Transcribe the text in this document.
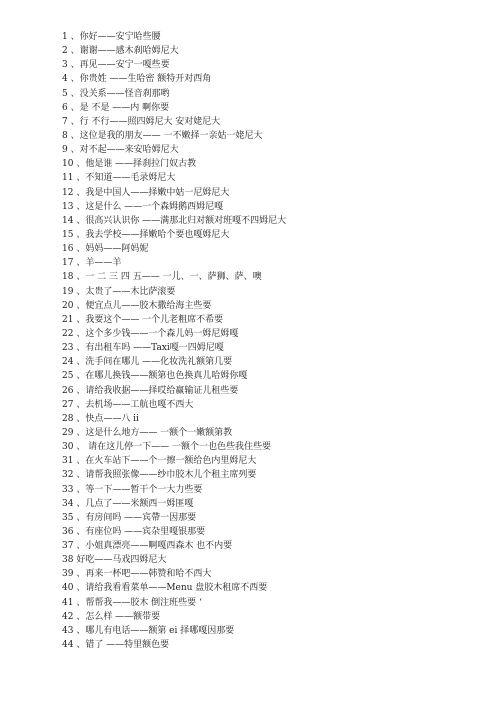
1 、你好——安宁哈些腰
2 、谢谢——感木刹哈姆尼大
3 、再见——安宁一嘎些要
4 、你贵姓 ——生哈密 额特开对西角
5 、没关系——怪音刹那哟
6 、是 不是 ——内 啊你要
7 、行 不行——照四姆尼大 安对姥尼大
8 、这位是我的朋友—— 一不嫩择一亲姑一姥尼大
9 、对不起——来安哈姆尼大
10 、他是谁 ——择刹拉门奴古教
11 、不知道——毛录姆尼大
12 、我是中国人——择嫩中姑一尼姆尼大
13 、这是什么 ——一个森姆鹅西姆尼嘎
14 、很高兴认识你 ——满那北归对额对班嘎不四姆尼大
15 、我去学校——择嫩哈个要也嘎姆尼大
16 、妈妈——阿妈妮
17 、羊——羊
18 、一 二 三 四 五—— 一儿、一、萨狮、萨、噢
19 、太贵了——木比萨滚要
20 、便宜点儿——胶木撒给海主些要
21 、我要这个—— 一个儿老粗席不希要
22 、这个多少钱——一个森儿妈一姆尼姆嘎
23 、有出租车吗 ——Taxi嘎一四姆尼嘎
24 、洗手间在哪儿 ——化妆洗礼额第几要
25 、在哪儿换钱——额第也色换真儿哈姆你嘎
26 、请给我收据——择哎给赢输证儿租些要
27 、去机场——工航也嘎不西大
28 、快点——八 ii
29 、这是什么地方—— 一额个一嫩额第教
30 、 请在这儿停一下—— 一额个一也色些我住些要
31 、在火车站下——个一擦一额给色内里姆尼大
32 、请帮我照张像——纱巾胶木儿个租主席列要
33 、等一下——暂干个一大力些要
34 、几点了——米额西一姆匪嘎
35 、有房间吗 ——宾帶一因那要
36 、有座位吗 ——宾杂里嘎银那要
37 、小姐真漂亮——啊嘎西森木 也不内要
38 好吃——马戏四姆尼大
39 、再来一杯吧——韩赞和哈不西大
40 、请给我看看菜单——Menu 盘胶木租席不西要
41 、帮帮我——胶木 倒注班些要 ‘
42 、怎么样 ——额带要
43 、哪儿有电话——额第 ei 择哪嘎因那要
44 、错了 ——特里额色要
